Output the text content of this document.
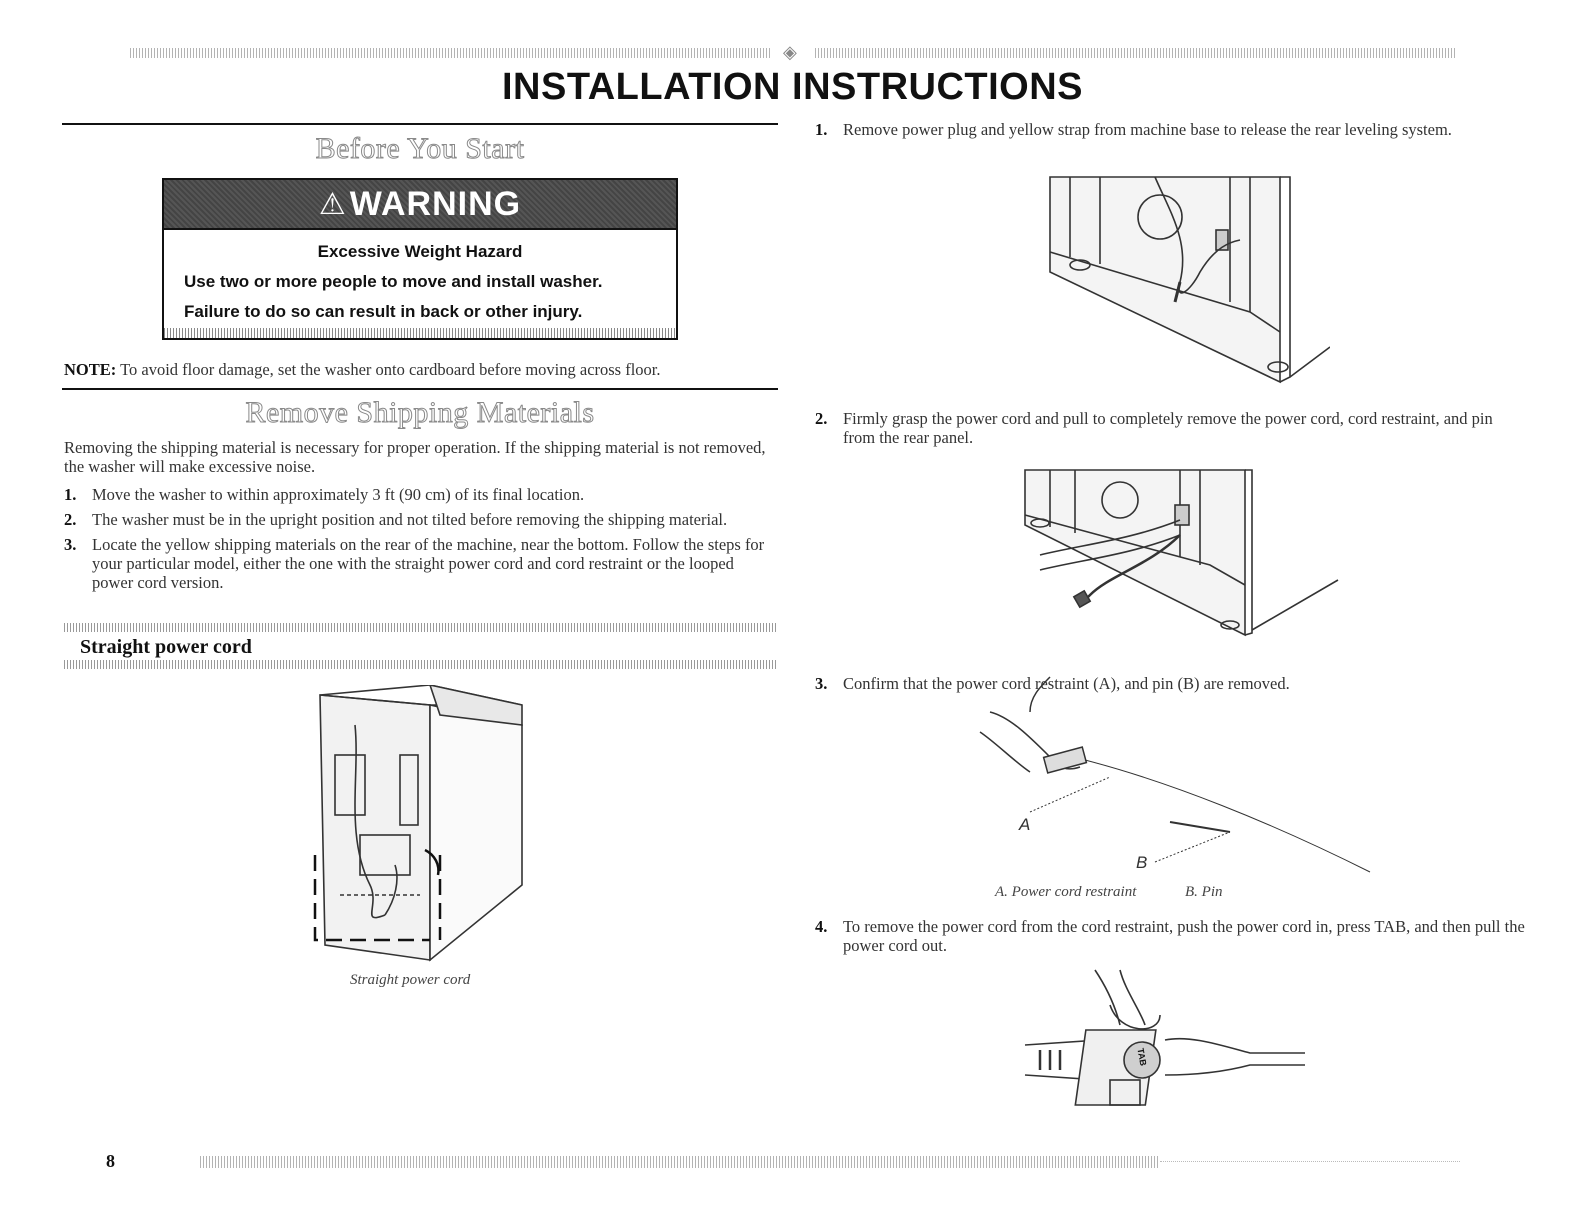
◈
INSTALLATION INSTRUCTIONS
Before You Start
⚠ WARNING
Excessive Weight Hazard
Use two or more people to move and install washer.
Failure to do so can result in back or other injury.
NOTE: To avoid floor damage, set the washer onto cardboard before moving across floor.
Remove Shipping Materials
Removing the shipping material is necessary for proper operation. If the shipping material is not removed, the washer will make excessive noise.
1. Move the washer to within approximately 3 ft (90 cm) of its final location.
2. The washer must be in the upright position and not tilted before removing the shipping material.
3. Locate the yellow shipping materials on the rear of the machine, near the bottom. Follow the steps for your particular model, either the one with the straight power cord and cord restraint or the looped power cord version.
Straight power cord
Straight power cord
1. Remove power plug and yellow strap from machine base to release the rear leveling system.
2. Firmly grasp the power cord and pull to completely remove the power cord, cord restraint, and pin from the rear panel.
3. Confirm that the power cord restraint (A), and pin (B) are removed.
A
B
A. Power cord restraint	B. Pin
4. To remove the power cord from the cord restraint, push the power cord in, press TAB, and then pull the power cord out.
TAB
8
